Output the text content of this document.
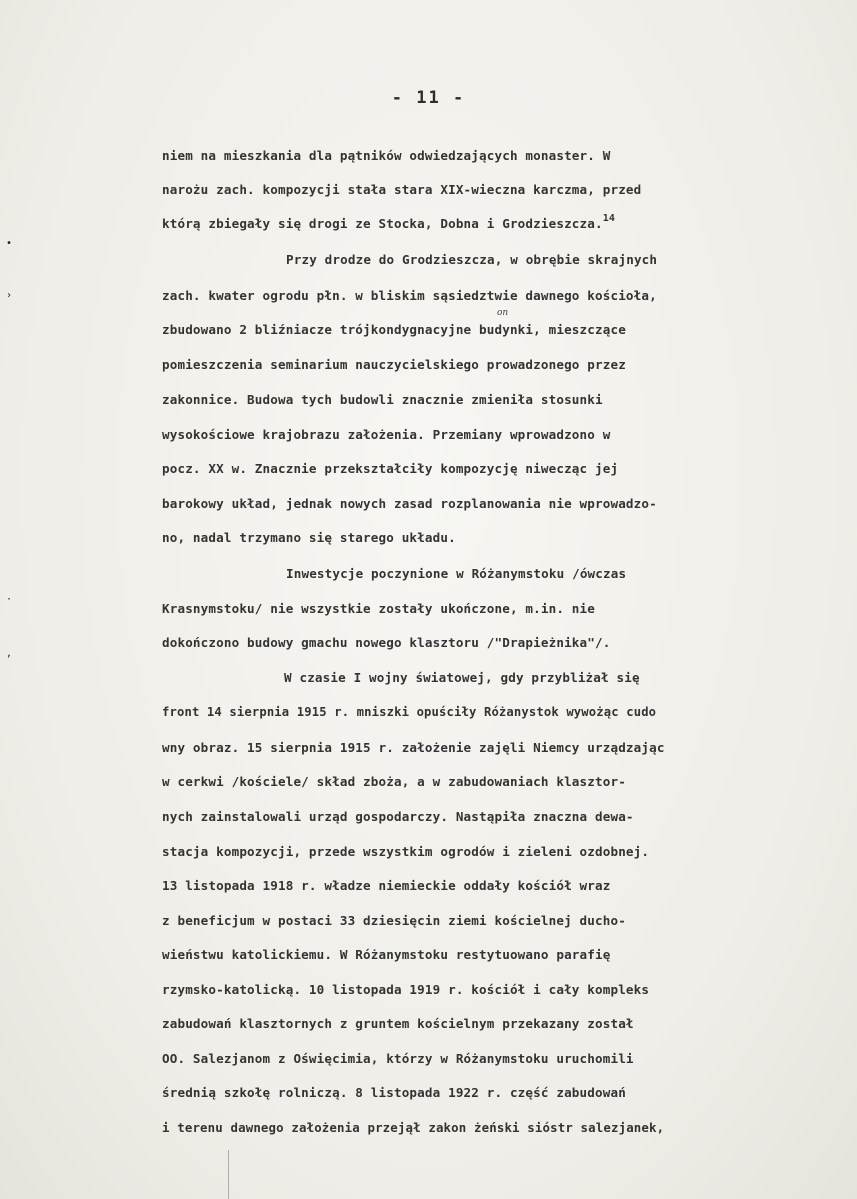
- 11 -
niem na mieszkania dla pątników odwiedzających monaster. W
narożu zach. kompozycji stała stara XIX-wieczna karczma, przed
którą zbiegały się drogi ze Stocka, Dobna i Grodzieszcza.$^{14}$
Przy drodze do Grodzieszcza, w obrębie skrajnych
zach. kwater ogrodu płn. w bliskim sąsiedztwie dawnego kościoła,
on
zbudowano 2 bliźniacze trójkondygnacyjne budynki, mieszczące
pomieszczenia seminarium nauczycielskiego prowadzonego przez
zakonnice. Budowa tych budowli znacznie zmieniła stosunki
wysokościowe krajobrazu założenia. Przemiany wprowadzono w
pocz. XX w. Znacznie przekształciły kompozycję niwecząc jej
barokowy układ, jednak nowych zasad rozplanowania nie wprowadzo-
no, nadal trzymano się starego układu.
Inwestycje poczynione w Różanymstoku /ówczas
Krasnymstoku/ nie wszystkie zostały ukończone, m.in. nie
dokończono budowy gmachu nowego klasztoru /"Drapieżnika"/.
W czasie I wojny światowej, gdy przybliżał się
front 14 sierpnia 1915 r. mniszki opuściły Różanystok wywożąc cudo
wny obraz. 15 sierpnia 1915 r. założenie zajęli Niemcy urządzając
w cerkwi /kościele/ skład zboża, a w zabudowaniach klasztor-
nych zainstalowali urząd gospodarczy. Nastąpiła znaczna dewa-
stacja kompozycji, przede wszystkim ogrodów i zieleni ozdobnej.
13 listopada 1918 r. władze niemieckie oddały kościół wraz
z beneficjum w postaci 33 dziesięcin ziemi kościelnej ducho-
wieństwu katolickiemu. W Różanymstoku restytuowano parafię
rzymsko-katolicką. 10 listopada 1919 r. kościół i cały kompleks
zabudowań klasztornych z gruntem kościelnym przekazany został
OO. Salezjanom z Oświęcimia, którzy w Różanymstoku uruchomili
średnią szkołę rolniczą. 8 listopada 1922 r. część zabudowań
i terenu dawnego założenia przejął zakon żeński sióstr salezjanek,
•
›
·
‚
